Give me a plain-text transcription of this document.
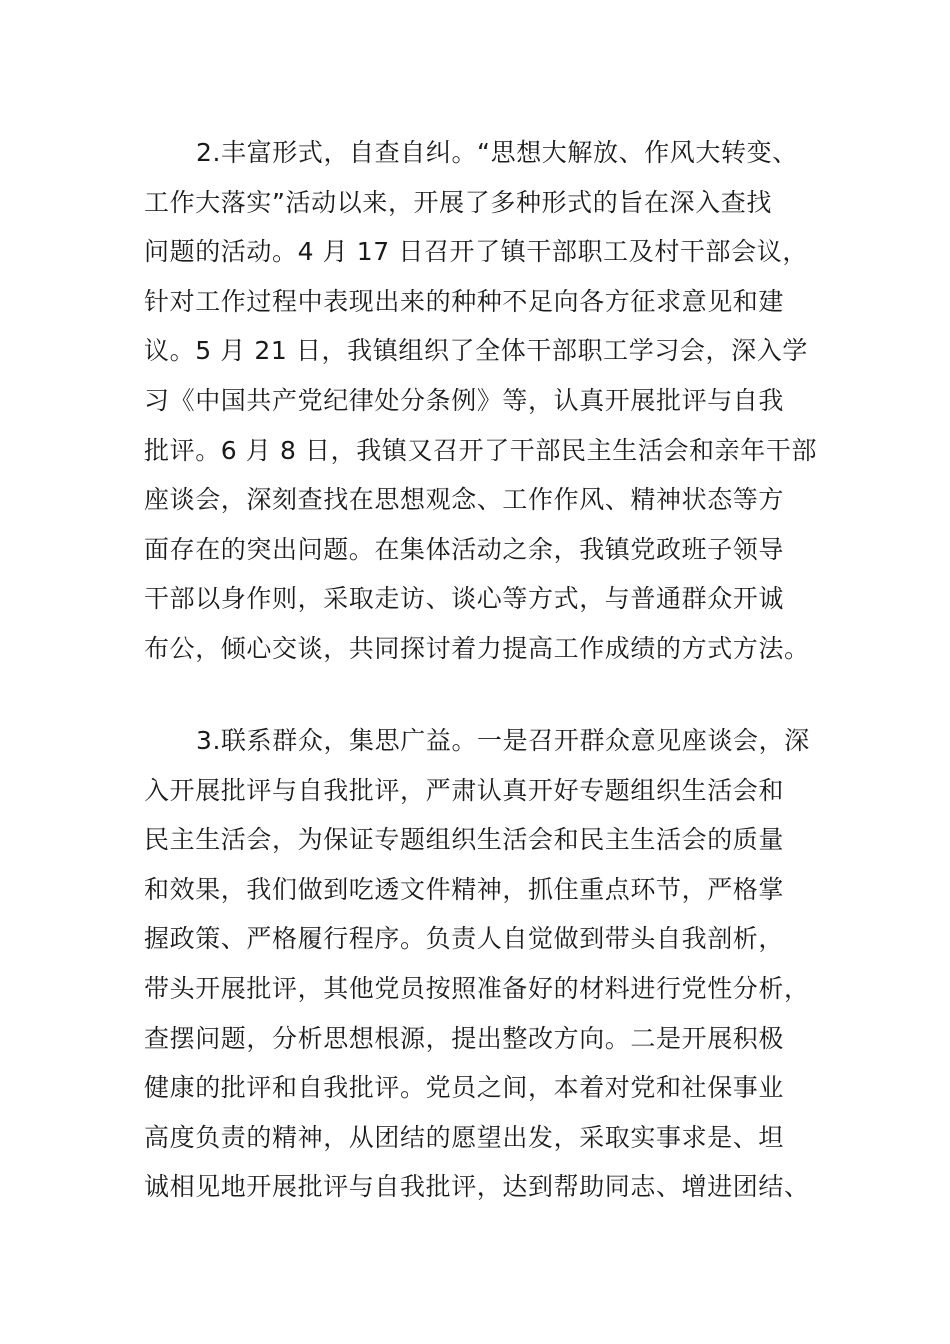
2.丰富形式，自查自纠。“思想大解放、作风大转变、
工作大落实”活动以来，开展了多种形式的旨在深入查找
问题的活动。4 月 17 日召开了镇干部职工及村干部会议，
针对工作过程中表现出来的种种不足向各方征求意见和建
议。5 月 21 日，我镇组织了全体干部职工学习会，深入学
习《中国共产党纪律处分条例》等，认真开展批评与自我
批评。6 月 8 日，我镇又召开了干部民主生活会和亲年干部
座谈会，深刻查找在思想观念、工作作风、精神状态等方
面存在的突出问题。在集体活动之余，我镇党政班子领导
干部以身作则，采取走访、谈心等方式，与普通群众开诚
布公，倾心交谈，共同探讨着力提高工作成绩的方式方法。
3.联系群众，集思广益。一是召开群众意见座谈会，深
入开展批评与自我批评，严肃认真开好专题组织生活会和
民主生活会，为保证专题组织生活会和民主生活会的质量
和效果，我们做到吃透文件精神，抓住重点环节，严格掌
握政策、严格履行程序。负责人自觉做到带头自我剖析，
带头开展批评，其他党员按照准备好的材料进行党性分析，
查摆问题，分析思想根源，提出整改方向。二是开展积极
健康的批评和自我批评。党员之间，本着对党和社保事业
高度负责的精神，从团结的愿望出发，采取实事求是、坦
诚相见地开展批评与自我批评，达到帮助同志、增进团结、
